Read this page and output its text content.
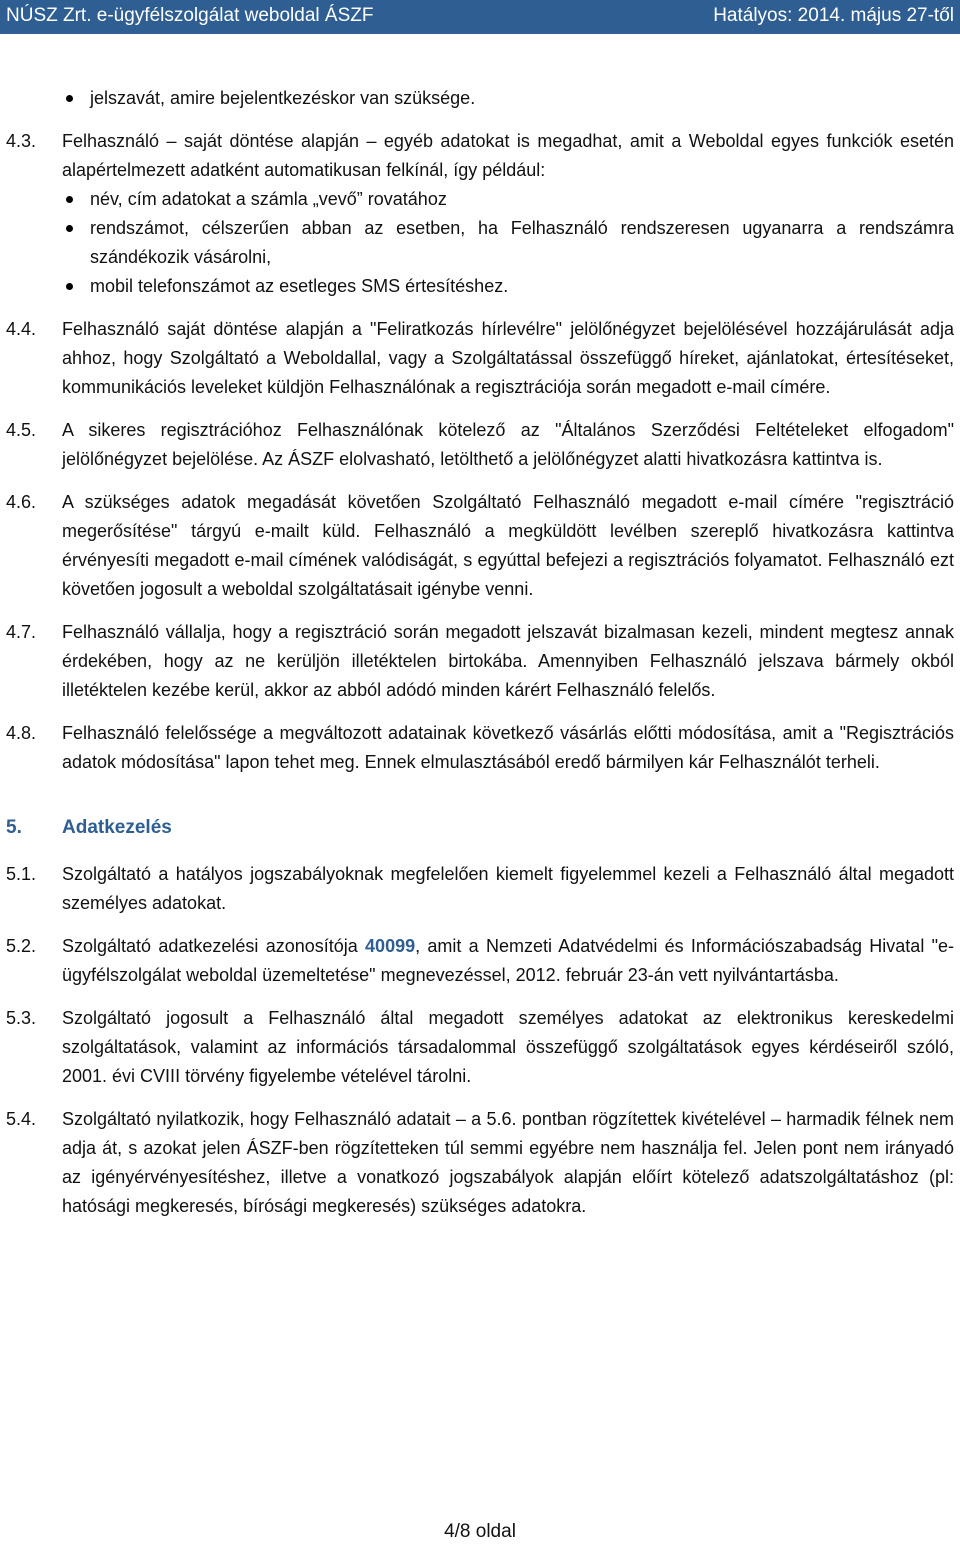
NÚSZ Zrt. e-ügyfélszolgálat weboldal ÁSZF	Hatályos: 2014. május 27-től
jelszavát, amire bejelentkezéskor van szüksége.
4.3. Felhasználó – saját döntése alapján – egyéb adatokat is megadhat, amit a Weboldal egyes funkciók esetén alapértelmezett adatként automatikusan felkínál, így például:
név, cím adatokat a számla „vevő” rovatához
rendszámot, célszerűen abban az esetben, ha Felhasználó rendszeresen ugyanarra a rendszámra szándékozik vásárolni,
mobil telefonszámot az esetleges SMS értesítéshez.
4.4. Felhasználó saját döntése alapján a "Feliratkozás hírlevélre" jelölőnégyzet bejelölésével hozzájárulását adja ahhoz, hogy Szolgáltató a Weboldallal, vagy a Szolgáltatással összefüggő híreket, ajánlatokat, értesítéseket, kommunikációs leveleket küldjön Felhasználónak a regisztrációja során megadott e-mail címére.
4.5. A sikeres regisztrációhoz Felhasználónak kötelező az "Általános Szerződési Feltételeket elfogadom" jelölőnégyzet bejelölése. Az ÁSZF elolvasható, letölthető a jelölőnégyzet alatti hivatkozásra kattintva is.
4.6. A szükséges adatok megadását követően Szolgáltató Felhasználó megadott e-mail címére "regisztráció megerősítése" tárgyú e-mailt küld. Felhasználó a megküldött levélben szereplő hivatkozásra kattintva érvényesíti megadott e-mail címének valódiságát, s egyúttal befejezi a regisztrációs folyamatot. Felhasználó ezt követően jogosult a weboldal szolgáltatásait igénybe venni.
4.7. Felhasználó vállalja, hogy a regisztráció során megadott jelszavát bizalmasan kezeli, mindent megtesz annak érdekében, hogy az ne kerüljön illetéktelen birtokába. Amennyiben Felhasználó jelszava bármely okból illetéktelen kezébe kerül, akkor az abból adódó minden kárért Felhasználó felelős.
4.8. Felhasználó felelőssége a megváltozott adatainak következő vásárlás előtti módosítása, amit a "Regisztrációs adatok módosítása" lapon tehet meg. Ennek elmulasztásából eredő bármilyen kár Felhasználót terheli.
5. Adatkezelés
5.1. Szolgáltató a hatályos jogszabályoknak megfelelően kiemelt figyelemmel kezeli a Felhasználó által megadott személyes adatokat.
5.2. Szolgáltató adatkezelési azonosítója 40099, amit a Nemzeti Adatvédelmi és Információszabadság Hivatal "e-ügyfélszolgálat weboldal üzemeltetése" megnevezéssel, 2012. február 23-án vett nyilvántartásba.
5.3. Szolgáltató jogosult a Felhasználó által megadott személyes adatokat az elektronikus kereskedelmi szolgáltatások, valamint az információs társadalommal összefüggő szolgáltatások egyes kérdéseiről szóló, 2001. évi CVIII törvény figyelembe vételével tárolni.
5.4. Szolgáltató nyilatkozik, hogy Felhasználó adatait – a 5.6. pontban rögzítettek kivételével – harmadik félnek nem adja át, s azokat jelen ÁSZF-ben rögzítetteken túl semmi egyébre nem használja fel. Jelen pont nem irányadó az igényérvényesítéshez, illetve a vonatkozó jogszabályok alapján előírt kötelező adatszolgáltatáshoz (pl: hatósági megkeresés, bírósági megkeresés) szükséges adatokra.
4/8 oldal
